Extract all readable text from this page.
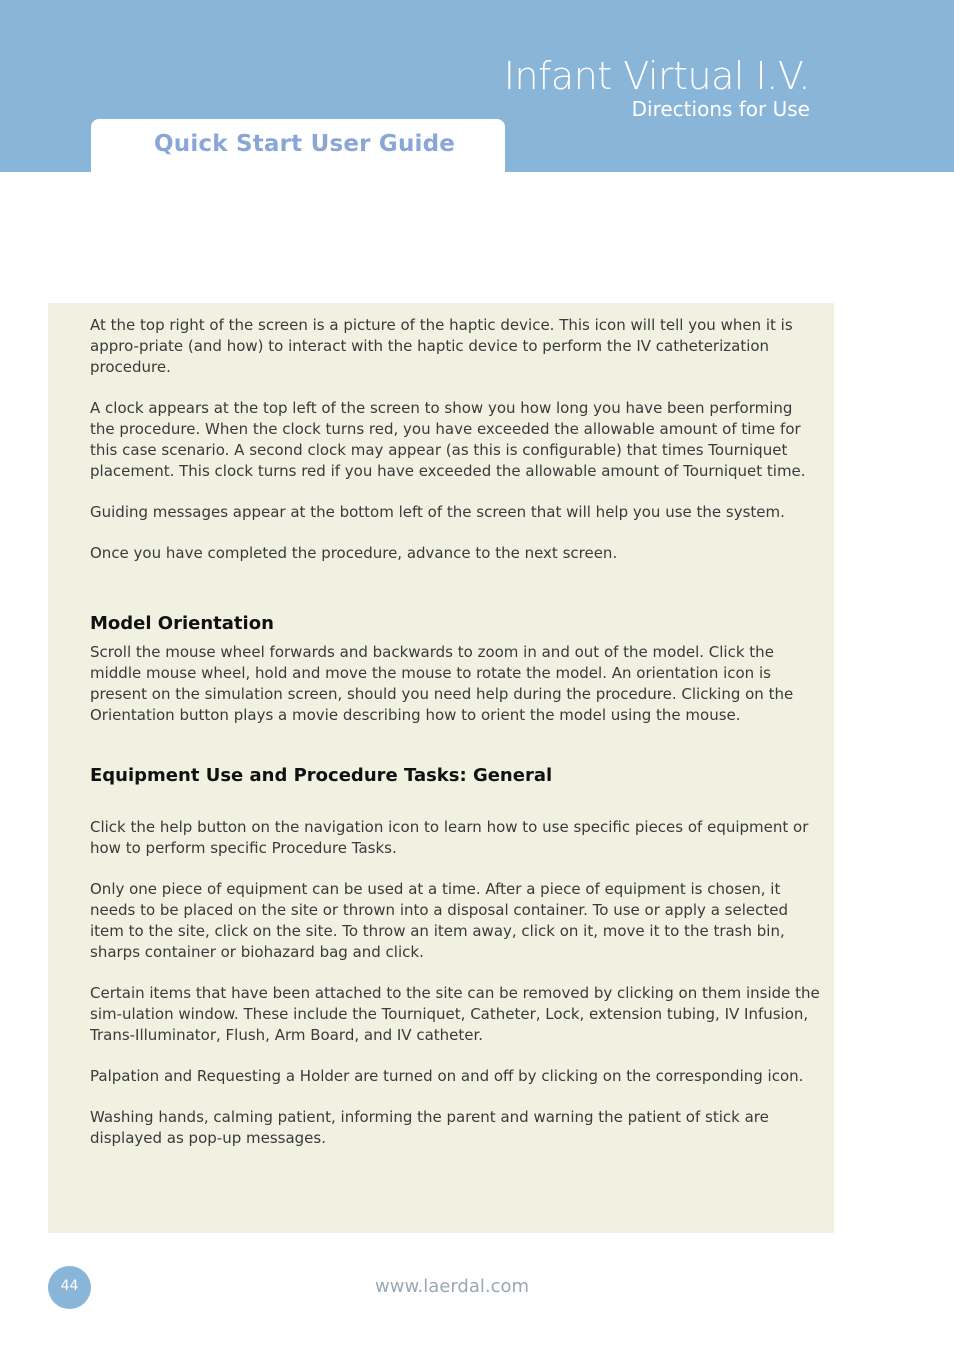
Infant Virtual I.V.
Directions for Use
Quick Start User Guide

At the top right of the screen is a picture of the haptic device. This icon will tell you when it is appro-priate (and how) to interact with the haptic device to perform the IV catheterization procedure.

A clock appears at the top left of the screen to show you how long you have been performing the procedure. When the clock turns red, you have exceeded the allowable amount of time for this case scenario. A second clock may appear (as this is configurable) that times Tourniquet placement. This clock turns red if you have exceeded the allowable amount of Tourniquet time.

Guiding messages appear at the bottom left of the screen that will help you use the system.

Once you have completed the procedure, advance to the next screen.

Model Orientation

Scroll the mouse wheel forwards and backwards to zoom in and out of the model. Click the middle mouse wheel, hold and move the mouse to rotate the model. An orientation icon is present on the simulation screen, should you need help during the procedure. Clicking on the Orientation button plays a movie describing how to orient the model using the mouse.

Equipment Use and Procedure Tasks: General

Click the help button on the navigation icon to learn how to use specific pieces of equipment or how to perform specific Procedure Tasks.

Only one piece of equipment can be used at a time. After a piece of equipment is chosen, it needs to be placed on the site or thrown into a disposal container. To use or apply a selected item to the site, click on the site. To throw an item away, click on it, move it to the trash bin, sharps container or biohazard bag and click.

Certain items that have been attached to the site can be removed by clicking on them inside the sim-ulation window. These include the Tourniquet, Catheter, Lock, extension tubing, IV Infusion, Trans-Illuminator, Flush, Arm Board, and IV catheter.

Palpation and Requesting a Holder are turned on and off by clicking on the corresponding icon.

Washing hands, calming patient, informing the parent and warning the patient of stick are displayed as pop-up messages.

44	www.laerdal.com
